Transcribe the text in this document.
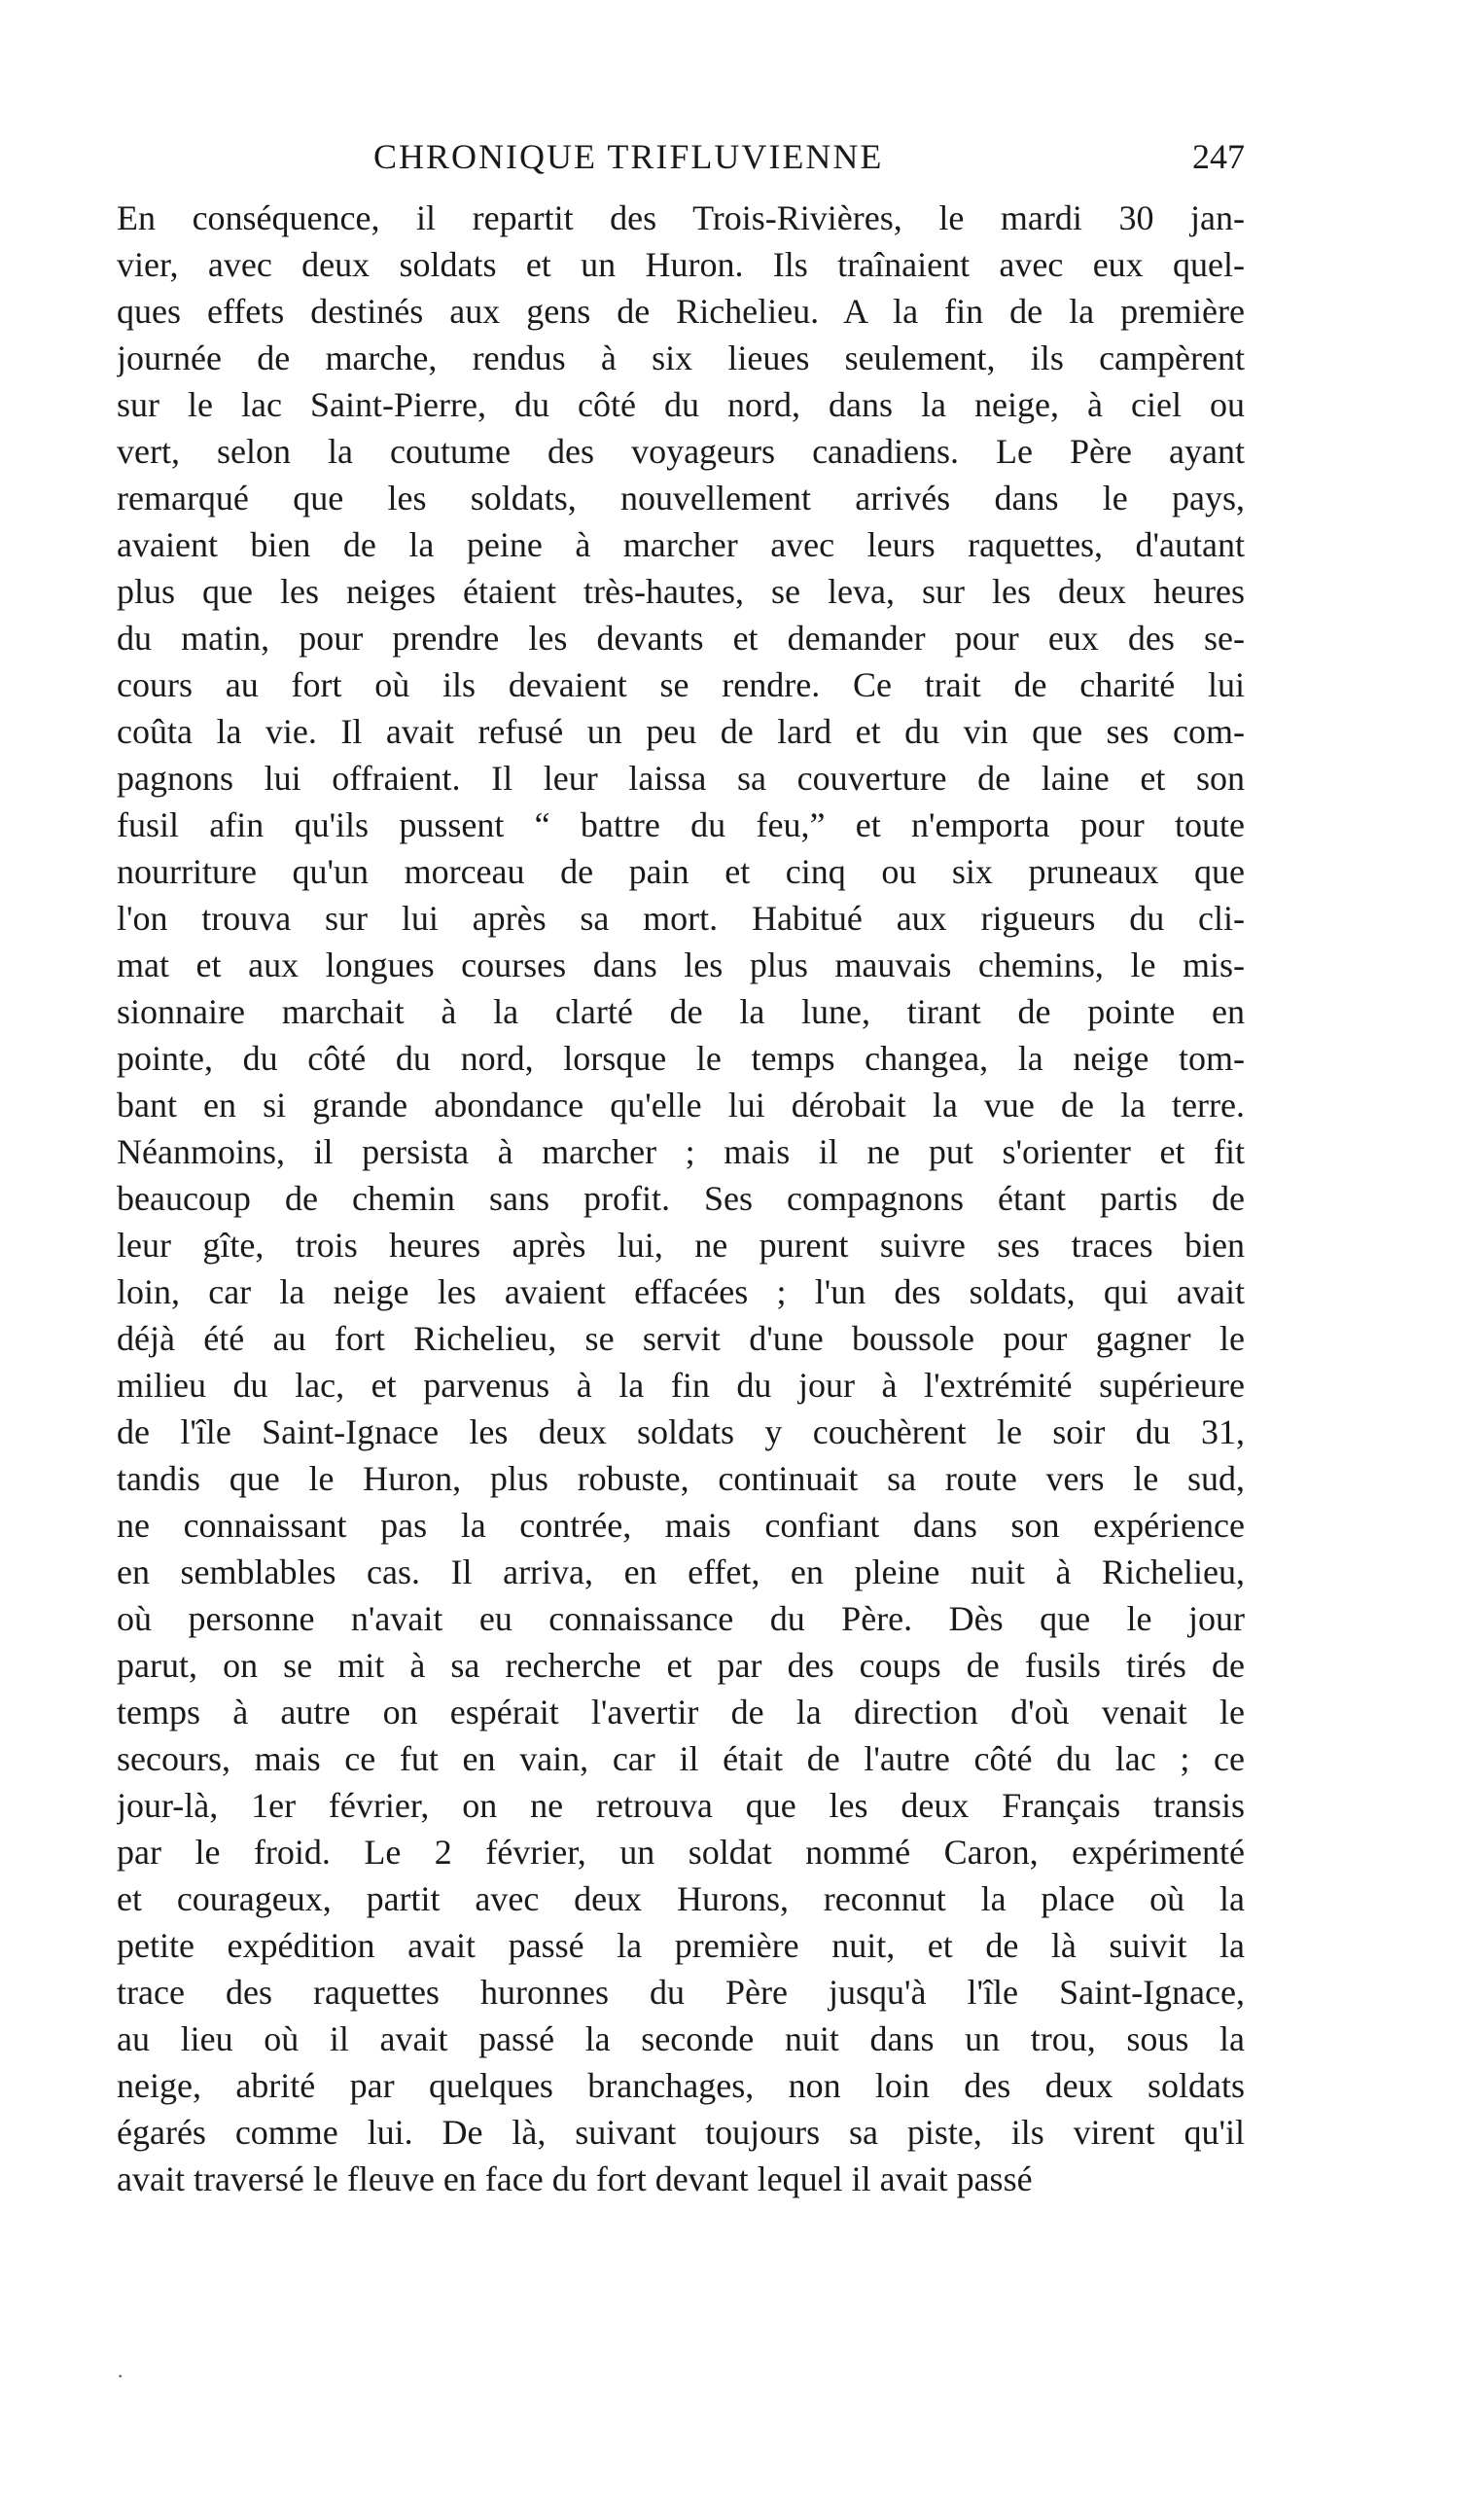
CHRONIQUE TRIFLUVIENNE	247
En conséquence, il repartit des Trois-Rivières, le mardi 30 jan-
vier, avec deux soldats et un Huron. Ils traînaient avec eux quel-
ques effets destinés aux gens de Richelieu. A la fin de la première
journée de marche, rendus à six lieues seulement, ils campèrent
sur le lac Saint-Pierre, du côté du nord, dans la neige, à ciel ou
vert, selon la coutume des voyageurs canadiens. Le Père ayant
remarqué que les soldats, nouvellement arrivés dans le pays,
avaient bien de la peine à marcher avec leurs raquettes, d'autant
plus que les neiges étaient très-hautes, se leva, sur les deux heures
du matin, pour prendre les devants et demander pour eux des se-
cours au fort où ils devaient se rendre. Ce trait de charité lui
coûta la vie. Il avait refusé un peu de lard et du vin que ses com-
pagnons lui offraient. Il leur laissa sa couverture de laine et son
fusil afin qu'ils pussent “ battre du feu,” et n'emporta pour toute
nourriture qu'un morceau de pain et cinq ou six pruneaux que
l'on trouva sur lui après sa mort. Habitué aux rigueurs du cli-
mat et aux longues courses dans les plus mauvais chemins, le mis-
sionnaire marchait à la clarté de la lune, tirant de pointe en
pointe, du côté du nord, lorsque le temps changea, la neige tom-
bant en si grande abondance qu'elle lui dérobait la vue de la terre.
Néanmoins, il persista à marcher ; mais il ne put s'orienter et fit
beaucoup de chemin sans profit. Ses compagnons étant partis de
leur gîte, trois heures après lui, ne purent suivre ses traces bien
loin, car la neige les avaient effacées ; l'un des soldats, qui avait
déjà été au fort Richelieu, se servit d'une boussole pour gagner le
milieu du lac, et parvenus à la fin du jour à l'extrémité supérieure
de l'île Saint-Ignace les deux soldats y couchèrent le soir du 31,
tandis que le Huron, plus robuste, continuait sa route vers le sud,
ne connaissant pas la contrée, mais confiant dans son expérience
en semblables cas. Il arriva, en effet, en pleine nuit à Richelieu,
où personne n'avait eu connaissance du Père. Dès que le jour
parut, on se mit à sa recherche et par des coups de fusils tirés de
temps à autre on espérait l'avertir de la direction d'où venait le
secours, mais ce fut en vain, car il était de l'autre côté du lac ; ce
jour-là, 1er février, on ne retrouva que les deux Français transis
par le froid. Le 2 février, un soldat nommé Caron, expérimenté
et courageux, partit avec deux Hurons, reconnut la place où la
petite expédition avait passé la première nuit, et de là suivit la
trace des raquettes huronnes du Père jusqu'à l'île Saint-Ignace,
au lieu où il avait passé la seconde nuit dans un trou, sous la
neige, abrité par quelques branchages, non loin des deux soldats
égarés comme lui. De là, suivant toujours sa piste, ils virent qu'il
avait traversé le fleuve en face du fort devant lequel il avait passé
·
